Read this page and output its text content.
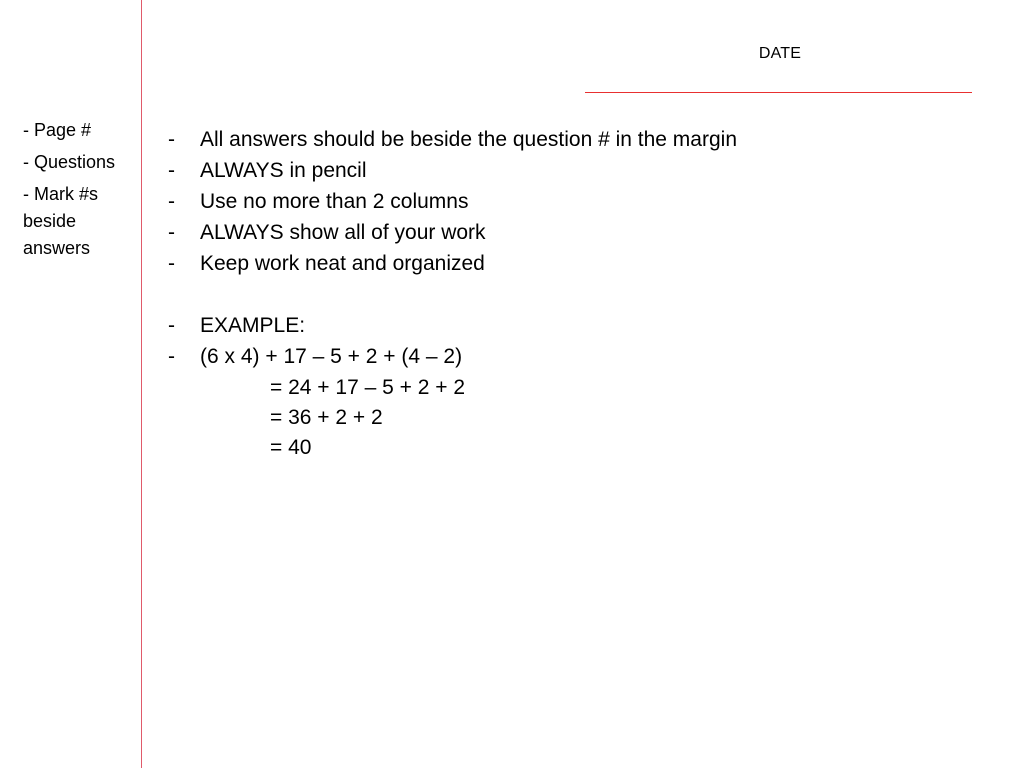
DATE
- Page #
- Questions
- Mark #s beside answers
- All answers should be beside the question # in the margin
- ALWAYS in pencil
- Use no more than 2 columns
- ALWAYS show all of your work
- Keep work neat and organized
- EXAMPLE:
- (6 x 4) + 17 – 5 + 2 + (4 – 2)
= 24 + 17 – 5 + 2 + 2
= 36 + 2 + 2
= 40
